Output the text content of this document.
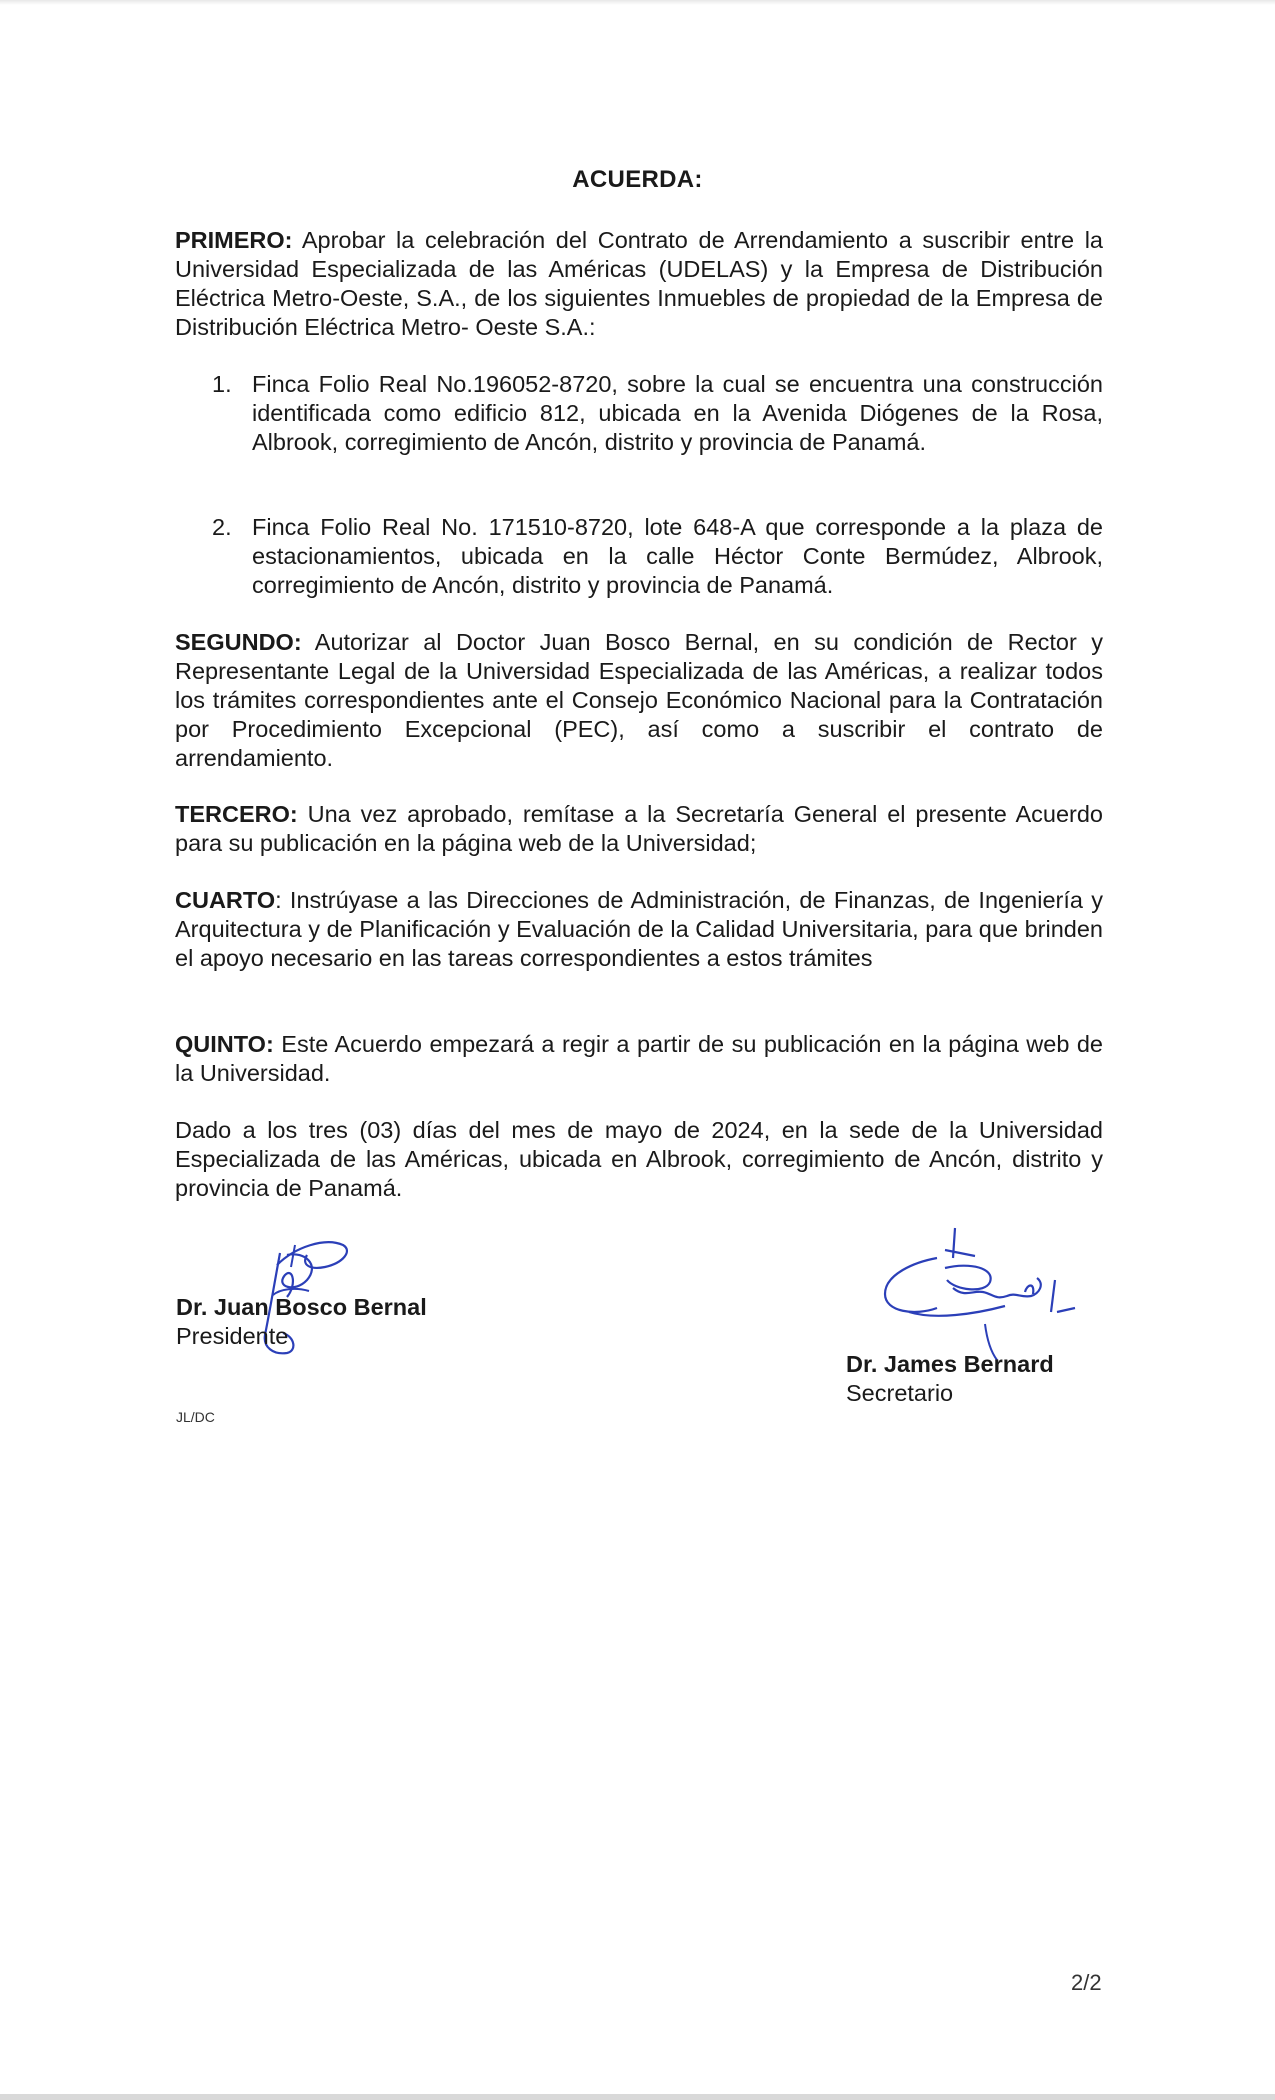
ACUERDA:
PRIMERO: Aprobar la celebración del Contrato de Arrendamiento a suscribir entre la Universidad Especializada de las Américas (UDELAS) y la Empresa de Distribución Eléctrica Metro-Oeste, S.A., de los siguientes Inmuebles de propiedad de la Empresa de Distribución Eléctrica Metro- Oeste S.A.:
1. Finca Folio Real No.196052-8720, sobre la cual se encuentra una construcción identificada como edificio 812, ubicada en la Avenida Diógenes de la Rosa, Albrook, corregimiento de Ancón, distrito y provincia de Panamá.
2. Finca Folio Real No. 171510-8720, lote 648-A que corresponde a la plaza de estacionamientos, ubicada en la calle Héctor Conte Bermúdez, Albrook, corregimiento de Ancón, distrito y provincia de Panamá.
SEGUNDO: Autorizar al Doctor Juan Bosco Bernal, en su condición de Rector y Representante Legal de la Universidad Especializada de las Américas, a realizar todos los trámites correspondientes ante el Consejo Económico Nacional para la Contratación por Procedimiento Excepcional (PEC), así como a suscribir el contrato de arrendamiento.
TERCERO: Una vez aprobado, remítase a la Secretaría General el presente Acuerdo para su publicación en la página web de la Universidad;
CUARTO: Instrúyase a las Direcciones de Administración, de Finanzas, de Ingeniería y Arquitectura y de Planificación y Evaluación de la Calidad Universitaria, para que brinden el apoyo necesario en las tareas correspondientes a estos trámites
QUINTO: Este Acuerdo empezará a regir a partir de su publicación en la página web de la Universidad.
Dado a los tres (03) días del mes de mayo de 2024, en la sede de la Universidad Especializada de las Américas, ubicada en Albrook, corregimiento de Ancón, distrito y provincia de Panamá.
Dr. Juan Bosco Bernal
Presidente
Dr. James Bernard
Secretario
JL/DC
2/2
